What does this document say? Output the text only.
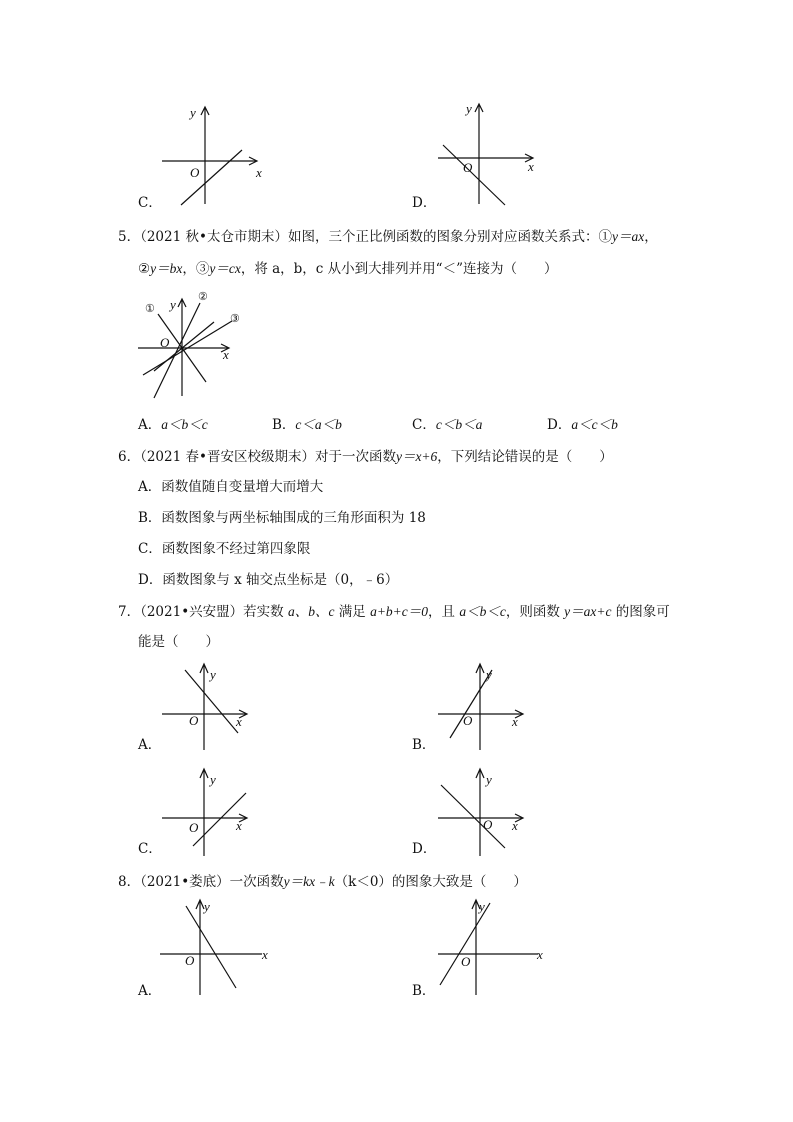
y
x
O
y
x
O
C．	D．
5．（2021 秋•太仓市期末）如图，三个正比例函数的图象分别对应函数关系式：①y＝ax，
②y＝bx，③y＝cx，将 a，b，c 从小到大排列并用“＜”连接为（　　）
① y ②
③
O
x
A．a＜b＜c	B．c＜a＜b	C．c＜b＜a	D．a＜c＜b
6．（2021 春•晋安区校级期末）对于一次函数y＝x+6，下列结论错误的是（　　）
A．函数值随自变量增大而增大
B．函数图象与两坐标轴围成的三角形面积为 18
C．函数图象不经过第四象限
D．函数图象与 x 轴交点坐标是（0，﹣6）
7．（2021•兴安盟）若实数 a、b、c 满足 a+b+c＝0，且 a＜b＜c，则函数 y＝ax+c 的图象可
能是（　　）
y
O	x
y
O	x
y
O	x
y
O x
A．	B．
C．	D．
8．（2021•娄底）一次函数y＝kx﹣k（k＜0）的图象大致是（　　）
y
O	x
y
O	x
A．	B．
